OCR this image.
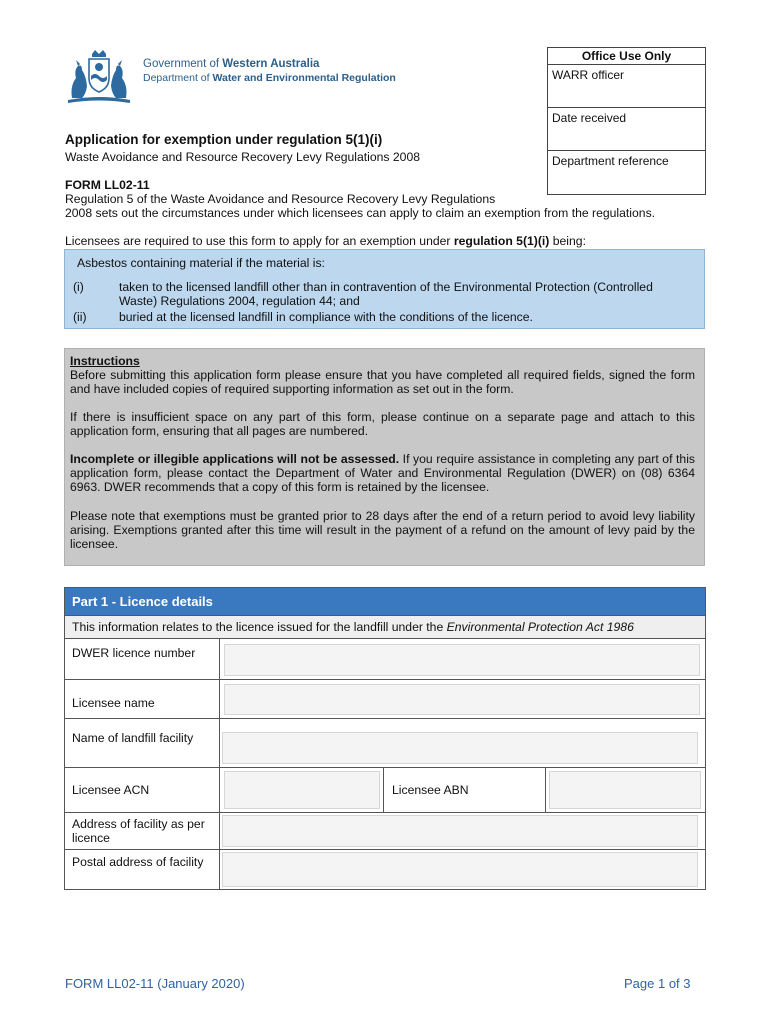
Government of Western Australia
Department of Water and Environmental Regulation
Office Use Only
WARR officer
Date received
Department reference
Application for exemption under regulation 5(1)(i)
Waste Avoidance and Resource Recovery Levy Regulations 2008
FORM LL02-11
Regulation 5 of the Waste Avoidance and Resource Recovery Levy Regulations
2008 sets out the circumstances under which licensees can apply to claim an exemption from the regulations.
Licensees are required to use this form to apply for an exemption under regulation 5(1)(i) being:
Asbestos containing material if the material is:
(i)	taken to the licensed landfill other than in contravention of the Environmental Protection (Controlled
Waste) Regulations 2004, regulation 44; and
(ii)	buried at the licensed landfill in compliance with the conditions of the licence.
Instructions
Before submitting this application form please ensure that you have completed all required fields, signed the form and have included copies of required supporting information as set out in the form.
If there is insufficient space on any part of this form, please continue on a separate page and attach to this application form, ensuring that all pages are numbered.
Incomplete or illegible applications will not be assessed. If you require assistance in completing any part of this application form, please contact the Department of Water and Environmental Regulation (DWER) on (08) 6364 6963. DWER recommends that a copy of this form is retained by the licensee.
Please note that exemptions must be granted prior to 28 days after the end of a return period to avoid levy liability arising. Exemptions granted after this time will result in the payment of a refund on the amount of levy paid by the licensee.
Part 1 - Licence details
This information relates to the licence issued for the landfill under the Environmental Protection Act 1986
DWER licence number
Licensee name
Name of landfill facility
Licensee ACN	Licensee ABN
Address of facility as per
licence
Postal address of facility
FORM LL02-11 (January 2020)	Page 1 of 3
